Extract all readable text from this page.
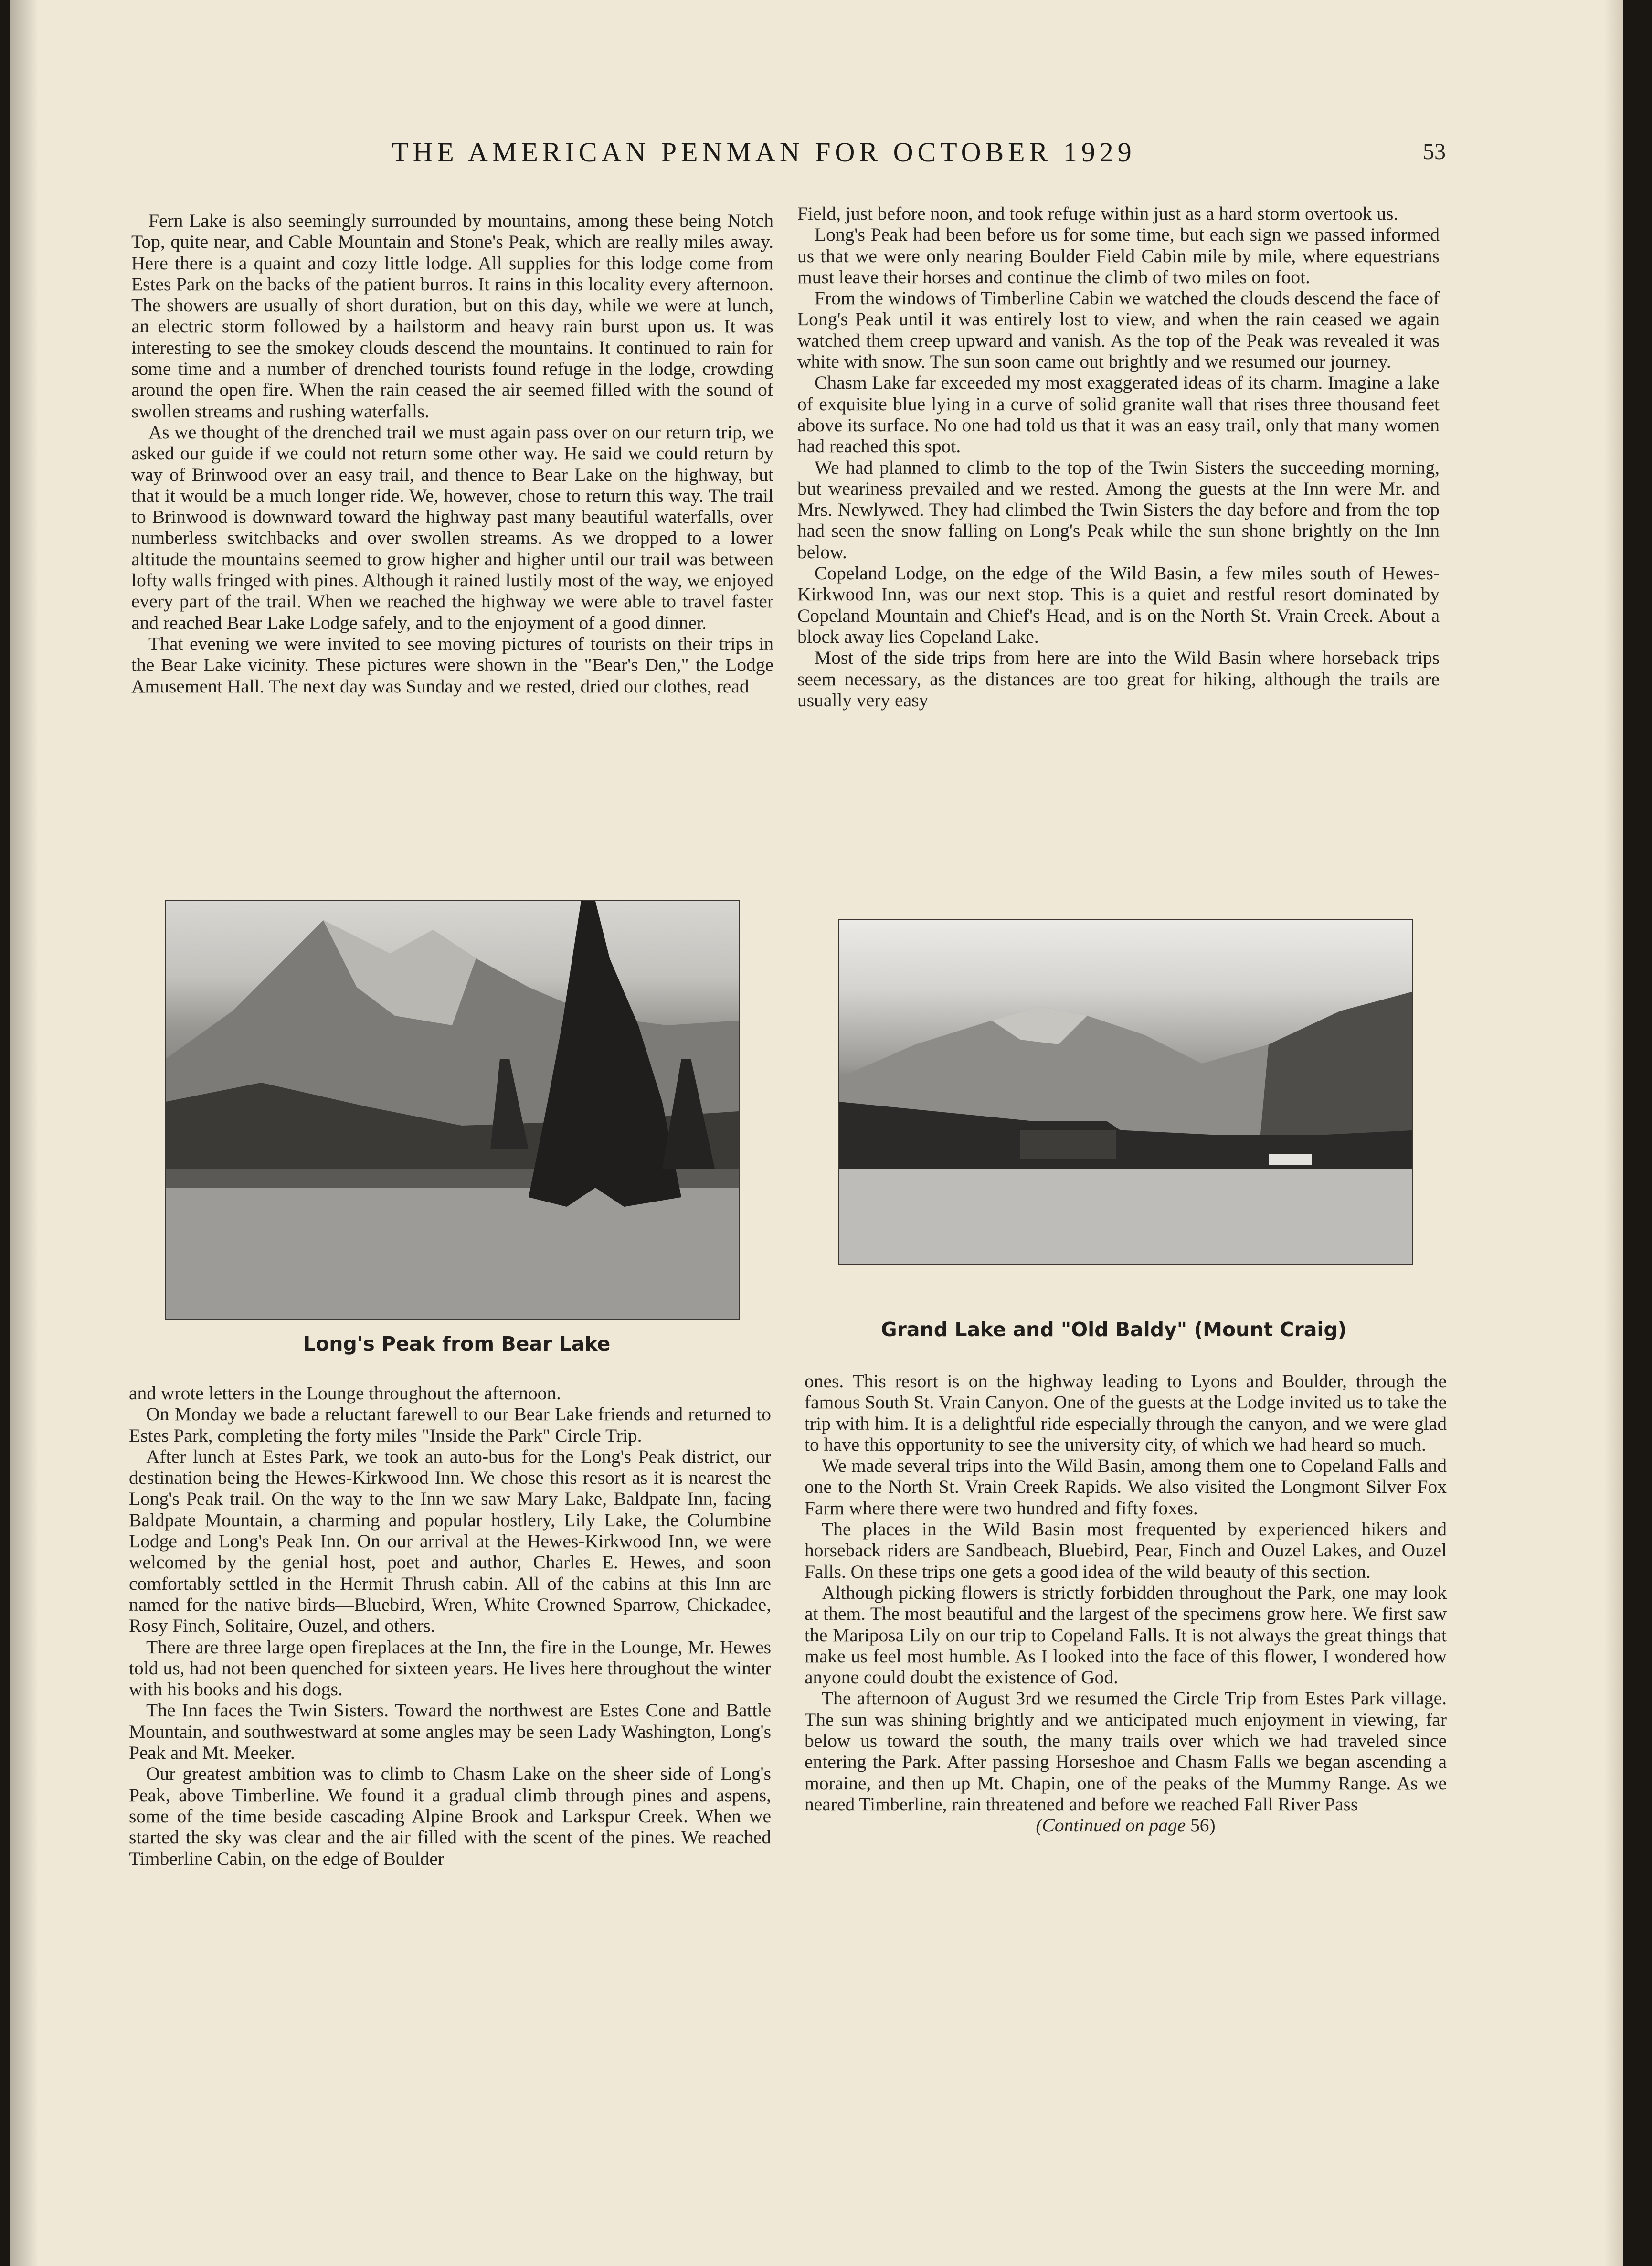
THE AMERICAN PENMAN FOR OCTOBER 1929	53

Fern Lake is also seemingly surrounded by mountains, among these being Notch Top, quite near, and Cable Mountain and Stone's Peak, which are really miles away. Here there is a quaint and cozy little lodge. All supplies for this lodge come from Estes Park on the backs of the patient burros. It rains in this locality every afternoon. The showers are usually of short duration, but on this day, while we were at lunch, an electric storm followed by a hailstorm and heavy rain burst upon us. It was interesting to see the smokey clouds descend the mountains. It continued to rain for some time and a number of drenched tourists found refuge in the lodge, crowding around the open fire. When the rain ceased the air seemed filled with the sound of swollen streams and rushing waterfalls.

As we thought of the drenched trail we must again pass over on our return trip, we asked our guide if we could not return some other way. He said we could return by way of Brinwood over an easy trail, and thence to Bear Lake on the highway, but that it would be a much longer ride. We, however, chose to return this way. The trail to Brinwood is downward toward the highway past many beautiful waterfalls, over numberless switchbacks and over swollen streams. As we dropped to a lower altitude the mountains seemed to grow higher and higher until our trail was between lofty walls fringed with pines. Although it rained lustily most of the way, we enjoyed every part of the trail. When we reached the highway we were able to travel faster and reached Bear Lake Lodge safely, and to the enjoyment of a good dinner.

That evening we were invited to see moving pictures of tourists on their trips in the Bear Lake vicinity. These pictures were shown in the "Bear's Den," the Lodge Amusement Hall. The next day was Sunday and we rested, dried our clothes, read

Field, just before noon, and took refuge within just as a hard storm overtook us.

Long's Peak had been before us for some time, but each sign we passed informed us that we were only nearing Boulder Field Cabin mile by mile, where equestrians must leave their horses and continue the climb of two miles on foot.

From the windows of Timberline Cabin we watched the clouds descend the face of Long's Peak until it was entirely lost to view, and when the rain ceased we again watched them creep upward and vanish. As the top of the Peak was revealed it was white with snow. The sun soon came out brightly and we resumed our journey.

Chasm Lake far exceeded my most exaggerated ideas of its charm. Imagine a lake of exquisite blue lying in a curve of solid granite wall that rises three thousand feet above its surface. No one had told us that it was an easy trail, only that many women had reached this spot.

We had planned to climb to the top of the Twin Sisters the succeeding morning, but weariness prevailed and we rested. Among the guests at the Inn were Mr. and Mrs. Newlywed. They had climbed the Twin Sisters the day before and from the top had seen the snow falling on Long's Peak while the sun shone brightly on the Inn below.

Copeland Lodge, on the edge of the Wild Basin, a few miles south of Hewes-Kirkwood Inn, was our next stop. This is a quiet and restful resort dominated by Copeland Mountain and Chief's Head, and is on the North St. Vrain Creek. About a block away lies Copeland Lake.

Most of the side trips from here are into the Wild Basin where horseback trips seem necessary, as the distances are too great for hiking, although the trails are usually very easy

Long's Peak from Bear Lake
Grand Lake and "Old Baldy" (Mount Craig)

and wrote letters in the Lounge throughout the afternoon.

On Monday we bade a reluctant farewell to our Bear Lake friends and returned to Estes Park, completing the forty miles "Inside the Park" Circle Trip.

After lunch at Estes Park, we took an auto-bus for the Long's Peak district, our destination being the Hewes-Kirkwood Inn. We chose this resort as it is nearest the Long's Peak trail. On the way to the Inn we saw Mary Lake, Baldpate Inn, facing Baldpate Mountain, a charming and popular hostlery, Lily Lake, the Columbine Lodge and Long's Peak Inn. On our arrival at the Hewes-Kirkwood Inn, we were welcomed by the genial host, poet and author, Charles E. Hewes, and soon comfortably settled in the Hermit Thrush cabin. All of the cabins at this Inn are named for the native birds—Bluebird, Wren, White Crowned Sparrow, Chickadee, Rosy Finch, Solitaire, Ouzel, and others.

There are three large open fireplaces at the Inn, the fire in the Lounge, Mr. Hewes told us, had not been quenched for sixteen years. He lives here throughout the winter with his books and his dogs.

The Inn faces the Twin Sisters. Toward the northwest are Estes Cone and Battle Mountain, and southwestward at some angles may be seen Lady Washington, Long's Peak and Mt. Meeker.

Our greatest ambition was to climb to Chasm Lake on the sheer side of Long's Peak, above Timberline. We found it a gradual climb through pines and aspens, some of the time beside cascading Alpine Brook and Larkspur Creek. When we started the sky was clear and the air filled with the scent of the pines. We reached Timberline Cabin, on the edge of Boulder

ones. This resort is on the highway leading to Lyons and Boulder, through the famous South St. Vrain Canyon. One of the guests at the Lodge invited us to take the trip with him. It is a delightful ride especially through the canyon, and we were glad to have this opportunity to see the university city, of which we had heard so much.

We made several trips into the Wild Basin, among them one to Copeland Falls and one to the North St. Vrain Creek Rapids. We also visited the Longmont Silver Fox Farm where there were two hundred and fifty foxes.

The places in the Wild Basin most frequented by experienced hikers and horseback riders are Sandbeach, Bluebird, Pear, Finch and Ouzel Lakes, and Ouzel Falls. On these trips one gets a good idea of the wild beauty of this section.

Although picking flowers is strictly forbidden throughout the Park, one may look at them. The most beautiful and the largest of the specimens grow here. We first saw the Mariposa Lily on our trip to Copeland Falls. It is not always the great things that make us feel most humble. As I looked into the face of this flower, I wondered how anyone could doubt the existence of God.

The afternoon of August 3rd we resumed the Circle Trip from Estes Park village. The sun was shining brightly and we anticipated much enjoyment in viewing, far below us toward the south, the many trails over which we had traveled since entering the Park. After passing Horseshoe and Chasm Falls we began ascending a moraine, and then up Mt. Chapin, one of the peaks of the Mummy Range. As we neared Timberline, rain threatened and before we reached Fall River Pass

(Continued on page 56)
